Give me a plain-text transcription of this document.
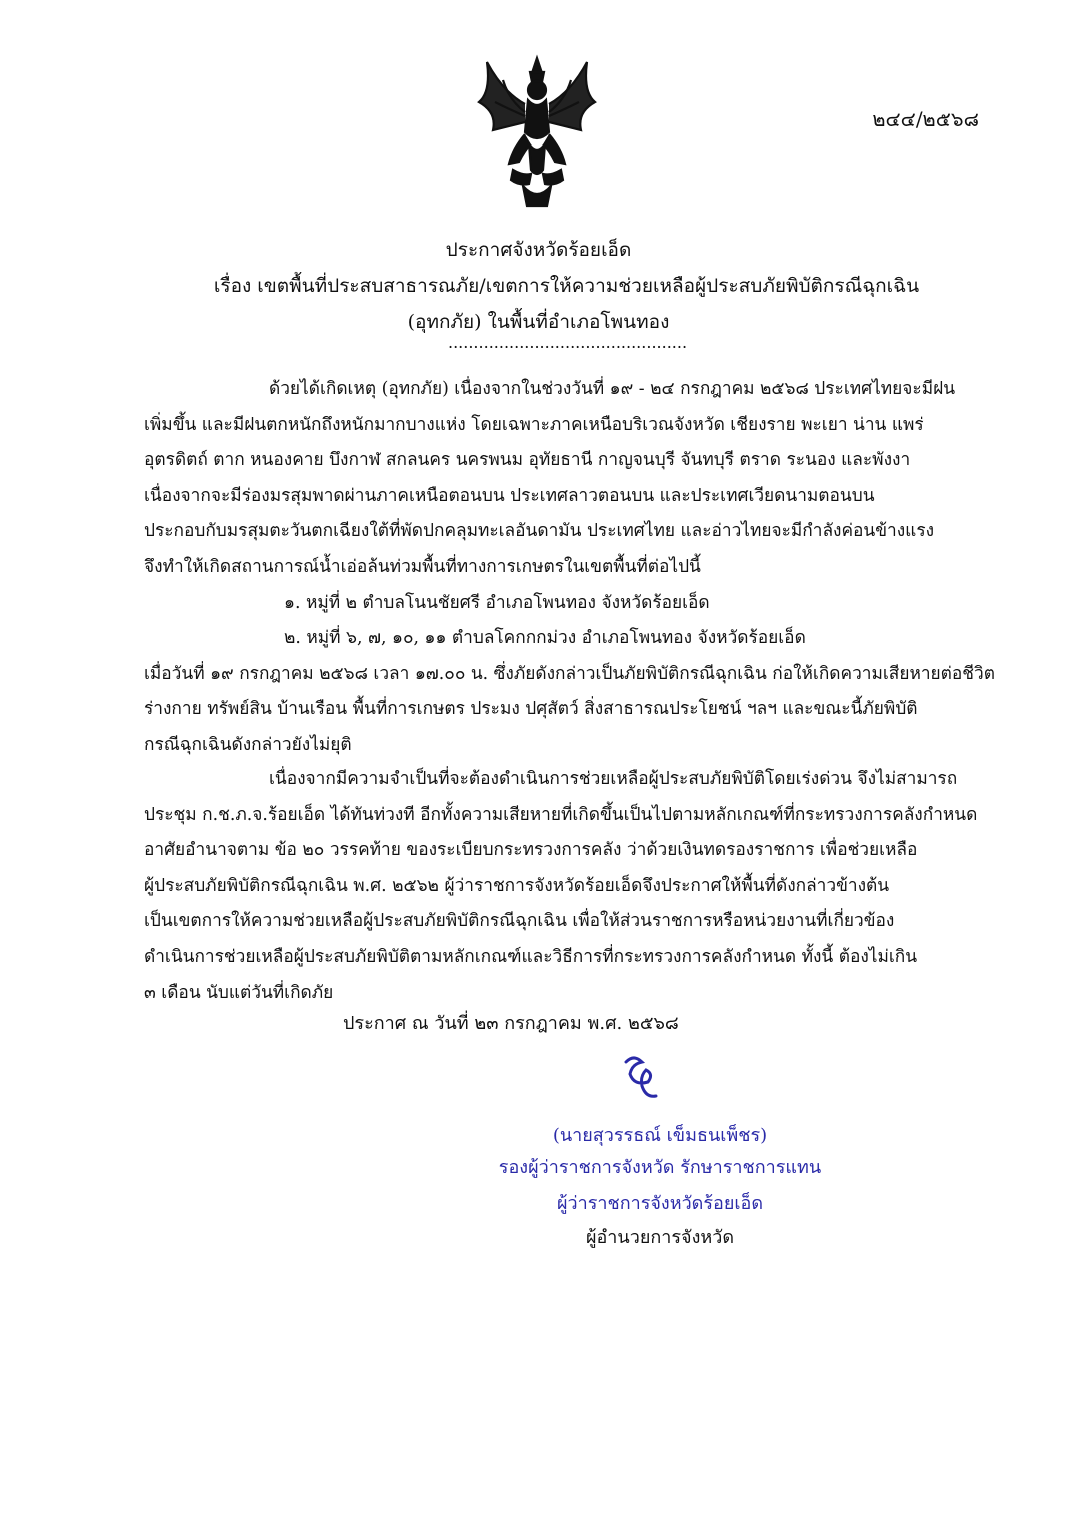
๒๔๔/๒๕๖๘
ประกาศจังหวัดร้อยเอ็ด
เรื่อง เขตพื้นที่ประสบสาธารณภัย/เขตการให้ความช่วยเหลือผู้ประสบภัยพิบัติกรณีฉุกเฉิน
(อุทกภัย) ในพื้นที่อำเภอโพนทอง
...............................................
ด้วยได้เกิดเหตุ (อุทกภัย) เนื่องจากในช่วงวันที่ ๑๙ - ๒๔ กรกฎาคม ๒๕๖๘ ประเทศไทยจะมีฝน
เพิ่มขึ้น และมีฝนตกหนักถึงหนักมากบางแห่ง โดยเฉพาะภาคเหนือบริเวณจังหวัด เชียงราย พะเยา น่าน แพร่
อุตรดิตถ์ ตาก หนองคาย บึงกาฬ สกลนคร นครพนม อุทัยธานี กาญจนบุรี จันทบุรี ตราด ระนอง และพังงา
เนื่องจากจะมีร่องมรสุมพาดผ่านภาคเหนือตอนบน ประเทศลาวตอนบน และประเทศเวียดนามตอนบน
ประกอบกับมรสุมตะวันตกเฉียงใต้ที่พัดปกคลุมทะเลอันดามัน ประเทศไทย และอ่าวไทยจะมีกำลังค่อนข้างแรง
จึงทำให้เกิดสถานการณ์น้ำเอ่อล้นท่วมพื้นที่ทางการเกษตรในเขตพื้นที่ต่อไปนี้
๑. หมู่ที่ ๒ ตำบลโนนชัยศรี อำเภอโพนทอง จังหวัดร้อยเอ็ด
๒. หมู่ที่ ๖, ๗, ๑๐, ๑๑ ตำบลโคกกกม่วง อำเภอโพนทอง จังหวัดร้อยเอ็ด
เมื่อวันที่ ๑๙ กรกฎาคม ๒๕๖๘ เวลา ๑๗.๐๐ น. ซึ่งภัยดังกล่าวเป็นภัยพิบัติกรณีฉุกเฉิน ก่อให้เกิดความเสียหายต่อชีวิต
ร่างกาย ทรัพย์สิน บ้านเรือน พื้นที่การเกษตร ประมง ปศุสัตว์ สิ่งสาธารณประโยชน์ ฯลฯ และขณะนี้ภัยพิบัติ
กรณีฉุกเฉินดังกล่าวยังไม่ยุติ
เนื่องจากมีความจำเป็นที่จะต้องดำเนินการช่วยเหลือผู้ประสบภัยพิบัติโดยเร่งด่วน จึงไม่สามารถ
ประชุม ก.ช.ภ.จ.ร้อยเอ็ด ได้ทันท่วงที อีกทั้งความเสียหายที่เกิดขึ้นเป็นไปตามหลักเกณฑ์ที่กระทรวงการคลังกำหนด
อาศัยอำนาจตาม ข้อ ๒๐ วรรคท้าย ของระเบียบกระทรวงการคลัง ว่าด้วยเงินทดรองราชการ เพื่อช่วยเหลือ
ผู้ประสบภัยพิบัติกรณีฉุกเฉิน พ.ศ. ๒๕๖๒ ผู้ว่าราชการจังหวัดร้อยเอ็ดจึงประกาศให้พื้นที่ดังกล่าวข้างต้น
เป็นเขตการให้ความช่วยเหลือผู้ประสบภัยพิบัติกรณีฉุกเฉิน เพื่อให้ส่วนราชการหรือหน่วยงานที่เกี่ยวข้อง
ดำเนินการช่วยเหลือผู้ประสบภัยพิบัติตามหลักเกณฑ์และวิธีการที่กระทรวงการคลังกำหนด ทั้งนี้ ต้องไม่เกิน
๓ เดือน นับแต่วันที่เกิดภัย
ประกาศ ณ วันที่ ๒๓ กรกฎาคม พ.ศ. ๒๕๖๘
(นายสุวรรธณ์ เข็มธนเพ็ชร)
รองผู้ว่าราชการจังหวัด รักษาราชการแทน
ผู้ว่าราชการจังหวัดร้อยเอ็ด
ผู้อำนวยการจังหวัด
